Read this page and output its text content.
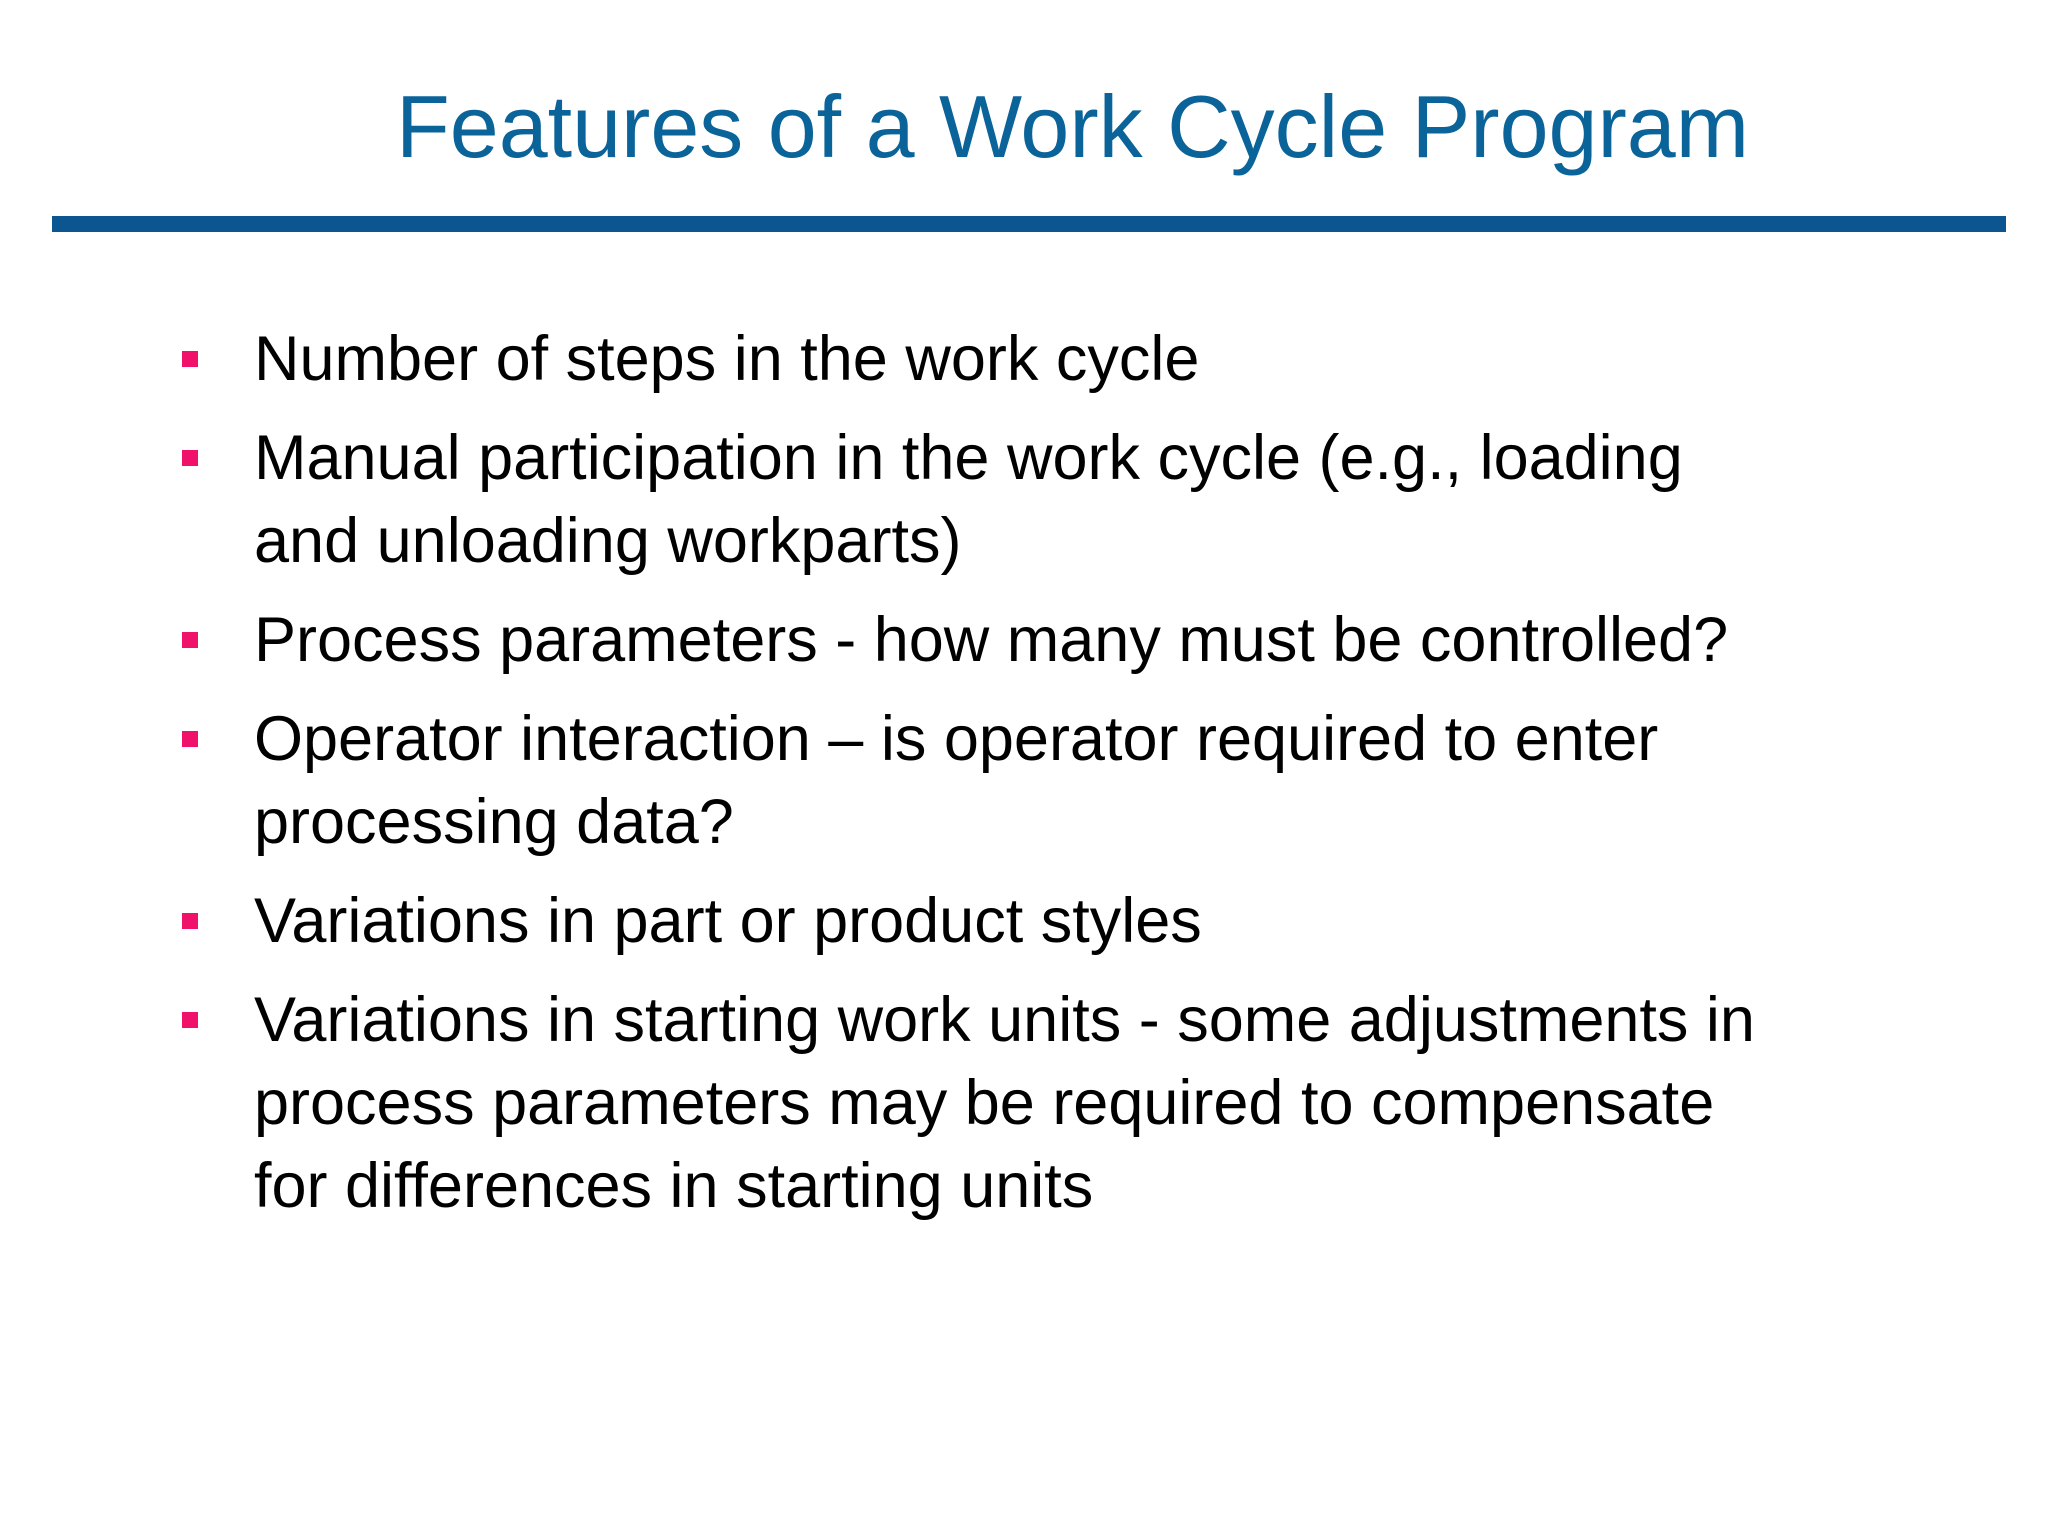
Features of a Work Cycle Program
Number of steps in the work cycle
Manual participation in the work cycle (e.g., loading
and unloading workparts)
Process parameters - how many must be controlled?
Operator interaction – is operator required to enter
processing data?
Variations in part or product styles
Variations in starting work units - some adjustments in
process parameters may be required to compensate
for differences in starting units
